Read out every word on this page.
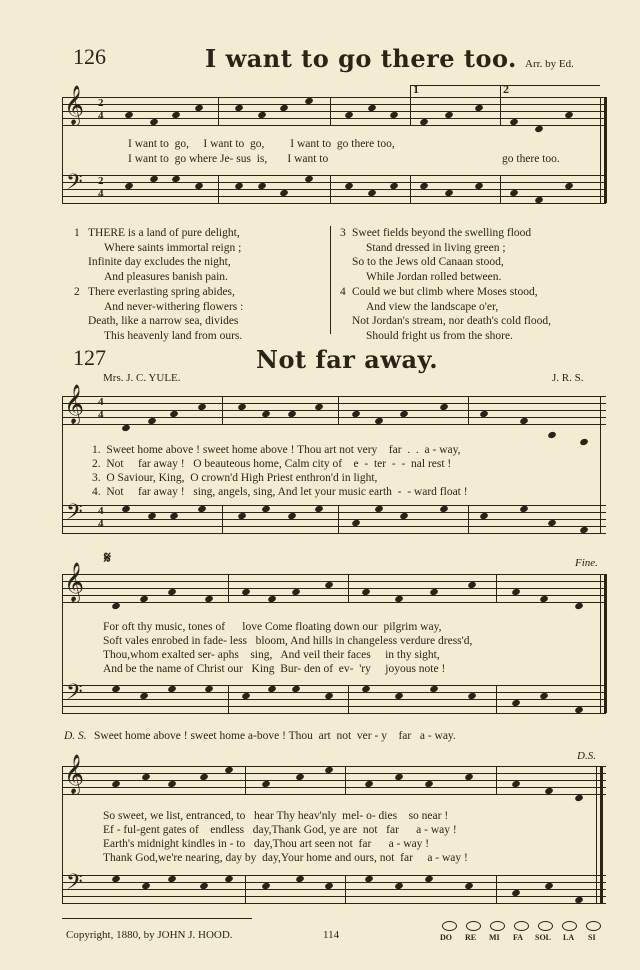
126	I want to go there too. Arr. by Ed.
𝄞
𝄢
2
4
2
4
1	2
I want to  go,     I want to  go,         I want to  go there too,
I want to  go where Je- sus  is,       I want to	go there too.
1 THERE is a land of pure delight,
Where saints immortal reign ;
Infinite day excludes the night,
And pleasures banish pain.
2 There everlasting spring abides,
And never-withering flowers :
Death, like a narrow sea, divides
This heavenly land from ours.
3 Sweet fields beyond the swelling flood
Stand dressed in living green ;
So to the Jews old Canaan stood,
While Jordan rolled between.
4 Could we but climb where Moses stood,
And view the landscape o'er,
Not Jordan's stream, nor death's cold flood,
Should fright us from the shore.
127	Not far away.
Mrs. J. C. YULE.	J. R. S.
𝄞
𝄢
4
4
4
4
1.  Sweet home above ! sweet home above ! Thou art not very    far  .  .  a - way,
2.  Not     far away !   O beauteous home, Calm city of    e  -  ter  -  -  nal rest !
3.  O Saviour, King,  O crown'd High Priest enthron'd in light,
4.  Not     far away !   sing, angels, sing, And let your music earth  -  - ward float !
𝄋	Fine.
𝄞
𝄢
For oft thy music, tones of      love Come floating down our  pilgrim way,
Soft vales enrobed in fade- less   bloom, And hills in changeless verdure dress'd,
Thou,whom exalted ser- aphs    sing,   And veil their faces     in thy sight,
And be the name of Christ our   King  Bur- den of  ev-  'ry     joyous note !
D. S. Sweet home above ! sweet home a-bove ! Thou  art  not  ver - y    far   a - way.
D.S.
𝄞
𝄢
So sweet, we list, entranced, to   hear Thy heav'nly  mel- o- dies    so near !
Ef - ful-gent gates of    endless   day,Thank God, ye are  not   far      a - way !
Earth's midnight kindles in - to   day,Thou art seen not  far      a - way !
Thank God,we're nearing, day by  day,Your home and ours, not  far     a - way !
Copyright, 1880, by JOHN J. HOOD.	114	DO RE MI FA SOL LA SI
